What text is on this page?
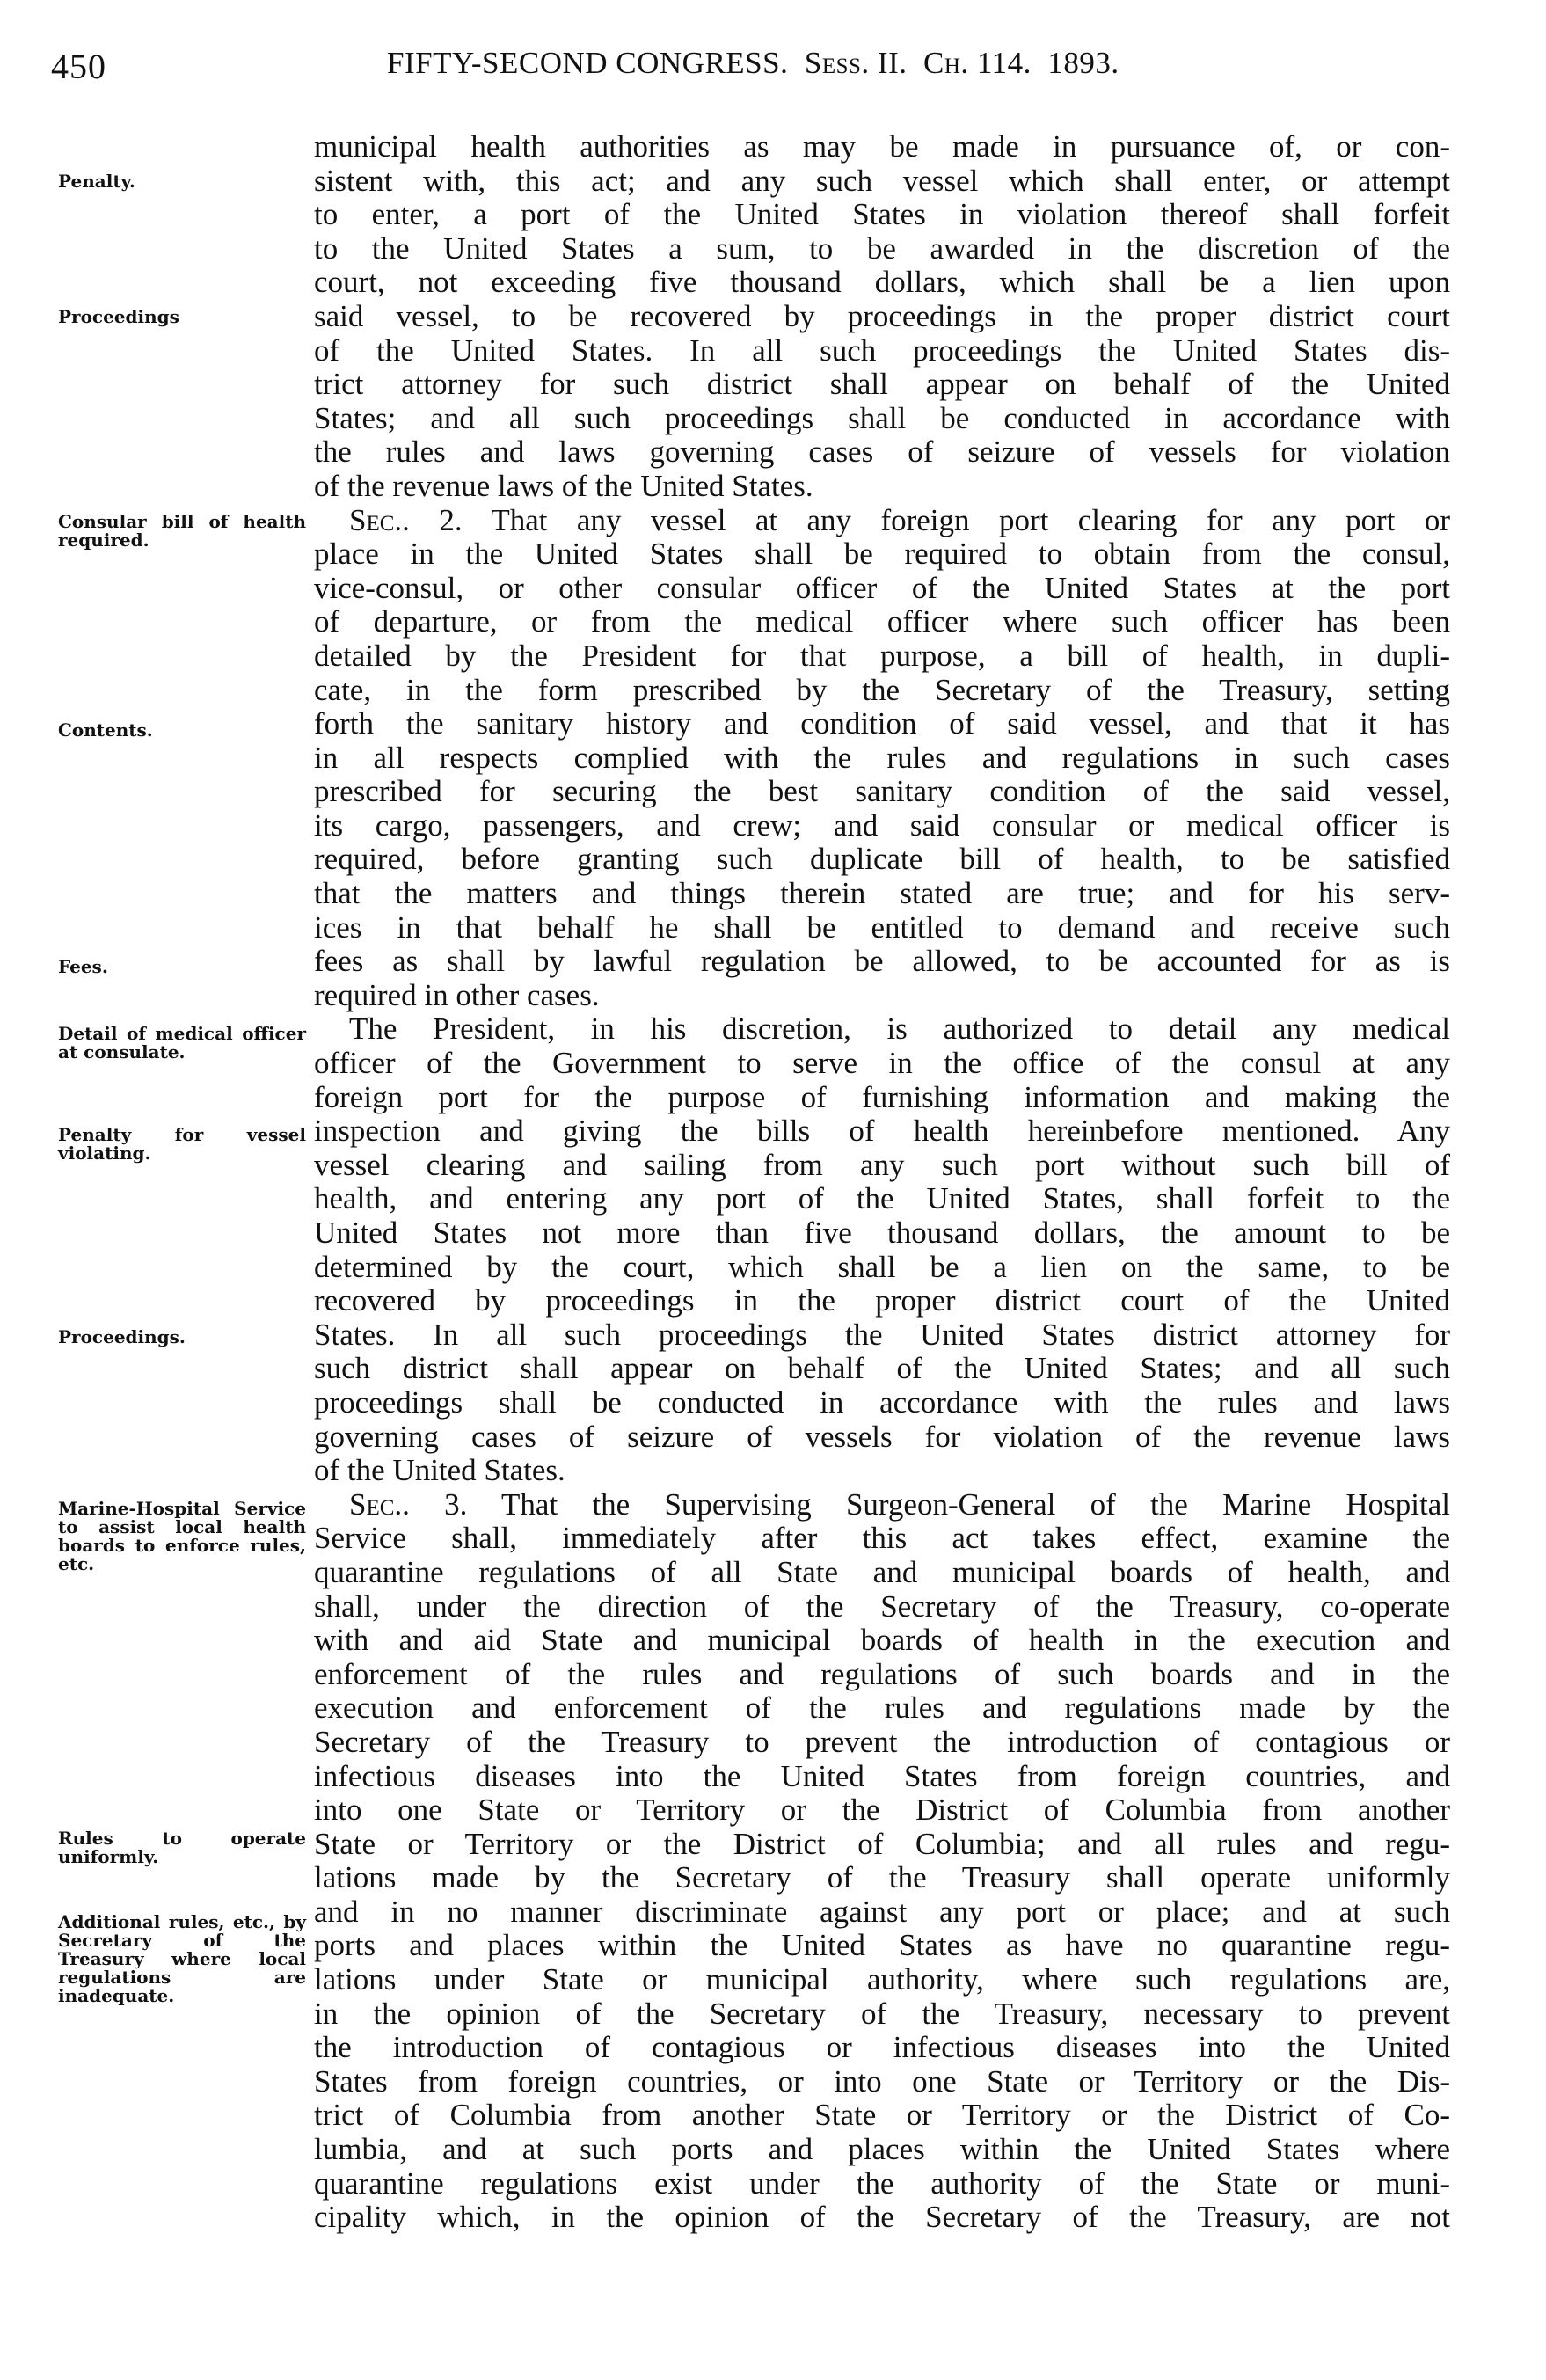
450	FIFTY-SECOND CONGRESS. Sess. II. Ch. 114. 1893.
Penalty.
Proceedings
Consular bill of health required.
Contents.
Fees.
Detail of medical officer at consulate.
Penalty for vessel violating.
Proceedings.
Marine-Hospital Service to assist local health boards to enforce rules, etc.
Rules to operate uniformly.
Additional rules, etc., by Secretary of the Treasury where local regulations are inadequate.
municipal health authorities as may be made in pursuance of, or con-
sistent with, this act; and any such vessel which shall enter, or attempt
to enter, a port of the United States in violation thereof shall forfeit
to the United States a sum, to be awarded in the discretion of the
court, not exceeding five thousand dollars, which shall be a lien upon
said vessel, to be recovered by proceedings in the proper district court
of the United States. In all such proceedings the United States dis-
trict attorney for such district shall appear on behalf of the United
States; and all such proceedings shall be conducted in accordance with
the rules and laws governing cases of seizure of vessels for violation
of the revenue laws of the United States.
Sec.. 2. That any vessel at any foreign port clearing for any port or
place in the United States shall be required to obtain from the consul,
vice-consul, or other consular officer of the United States at the port
of departure, or from the medical officer where such officer has been
detailed by the President for that purpose, a bill of health, in dupli-
cate, in the form prescribed by the Secretary of the Treasury, setting
forth the sanitary history and condition of said vessel, and that it has
in all respects complied with the rules and regulations in such cases
prescribed for securing the best sanitary condition of the said vessel,
its cargo, passengers, and crew; and said consular or medical officer is
required, before granting such duplicate bill of health, to be satisfied
that the matters and things therein stated are true; and for his serv-
ices in that behalf he shall be entitled to demand and receive such
fees as shall by lawful regulation be allowed, to be accounted for as is
required in other cases.
The President, in his discretion, is authorized to detail any medical
officer of the Government to serve in the office of the consul at any
foreign port for the purpose of furnishing information and making the
inspection and giving the bills of health hereinbefore mentioned. Any
vessel clearing and sailing from any such port without such bill of
health, and entering any port of the United States, shall forfeit to the
United States not more than five thousand dollars, the amount to be
determined by the court, which shall be a lien on the same, to be
recovered by proceedings in the proper district court of the United
States. In all such proceedings the United States district attorney for
such district shall appear on behalf of the United States; and all such
proceedings shall be conducted in accordance with the rules and laws
governing cases of seizure of vessels for violation of the revenue laws
of the United States.
Sec.. 3. That the Supervising Surgeon-General of the Marine Hospital
Service shall, immediately after this act takes effect, examine the
quarantine regulations of all State and municipal boards of health, and
shall, under the direction of the Secretary of the Treasury, co-operate
with and aid State and municipal boards of health in the execution and
enforcement of the rules and regulations of such boards and in the
execution and enforcement of the rules and regulations made by the
Secretary of the Treasury to prevent the introduction of contagious or
infectious diseases into the United States from foreign countries, and
into one State or Territory or the District of Columbia from another
State or Territory or the District of Columbia; and all rules and regu-
lations made by the Secretary of the Treasury shall operate uniformly
and in no manner discriminate against any port or place; and at such
ports and places within the United States as have no quarantine regu-
lations under State or municipal authority, where such regulations are,
in the opinion of the Secretary of the Treasury, necessary to prevent
the introduction of contagious or infectious diseases into the United
States from foreign countries, or into one State or Territory or the Dis-
trict of Columbia from another State or Territory or the District of Co-
lumbia, and at such ports and places within the United States where
quarantine regulations exist under the authority of the State or muni-
cipality which, in the opinion of the Secretary of the Treasury, are not
